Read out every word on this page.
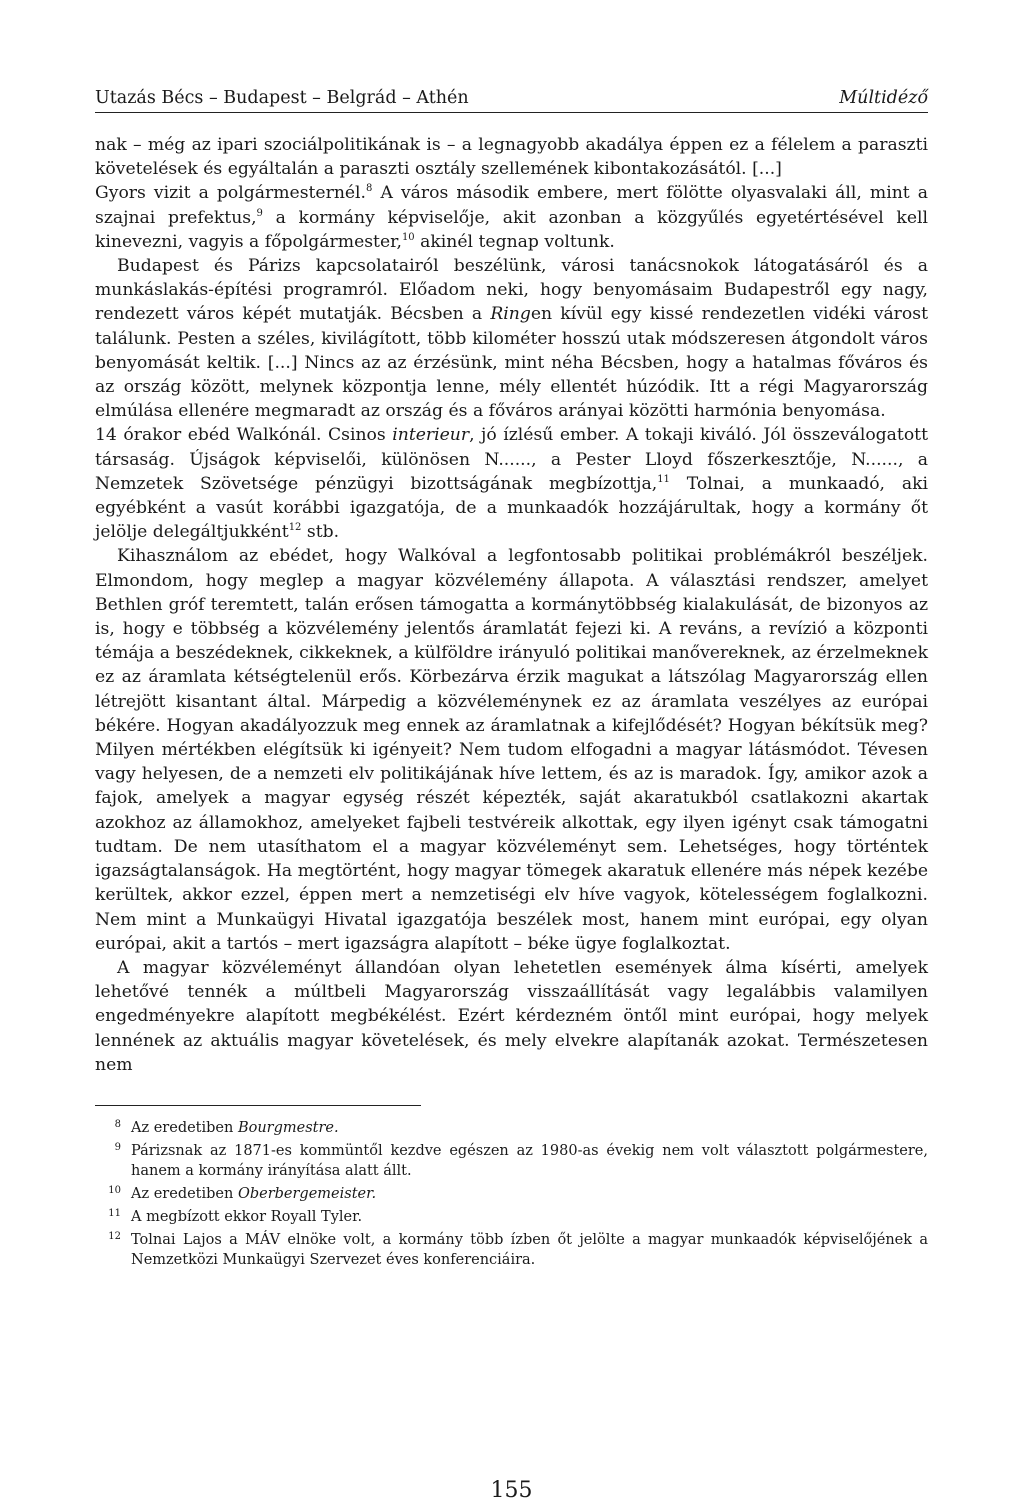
Utazás Bécs – Budapest – Belgrád – Athén	Múltidéző

nak – még az ipari szociálpolitikának is – a legnagyobb akadálya éppen ez a félelem a paraszti követelések és egyáltalán a paraszti osztály szellemének kibontakozásától. [...]

Gyors vizit a polgármesternél.$^8$ A város második embere, mert fölötte olyasvalaki áll, mint a szajnai prefektus,$^9$ a kormány képviselője, akit azonban a közgyűlés egyetértésével kell kinevezni, vagyis a főpolgármester,$^{10}$ akinél tegnap voltunk.

Budapest és Párizs kapcsolatairól beszélünk, városi tanácsnokok látogatásáról és a munkáslakás-építési programról. Előadom neki, hogy benyomásaim Budapestről egy nagy, rendezett város képét mutatják. Bécsben a Ringen kívül egy kissé rendezetlen vidéki várost találunk. Pesten a széles, kivilágított, több kilométer hosszú utak módszeresen átgondolt város benyomását keltik. [...] Nincs az az érzésünk, mint néha Bécsben, hogy a hatalmas főváros és az ország között, melynek központja lenne, mély ellentét húzódik. Itt a régi Magyarország elmúlása ellenére megmaradt az ország és a főváros arányai közötti harmónia benyomása.

14 órakor ebéd Walkónál. Csinos interieur, jó ízlésű ember. A tokaji kiváló. Jól összeválogatott társaság. Újságok képviselői, különösen N......, a Pester Lloyd főszerkesztője, N......, a Nemzetek Szövetsége pénzügyi bizottságának megbízottja,$^{11}$ Tolnai, a munkaadó, aki egyébként a vasút korábbi igazgatója, de a munkaadók hozzájárultak, hogy a kormány őt jelölje delegáltjukként$^{12}$ stb.

Kihasználom az ebédet, hogy Walkóval a legfontosabb politikai problémákról beszéljek. Elmondom, hogy meglep a magyar közvélemény állapota. A választási rendszer, amelyet Bethlen gróf teremtett, talán erősen támogatta a kormánytöbbség kialakulását, de bizonyos az is, hogy e többség a közvélemény jelentős áramlatát fejezi ki. A reváns, a revízió a központi témája a beszédeknek, cikkeknek, a külföldre irányuló politikai manővereknek, az érzelmeknek ez az áramlata kétségtelenül erős. Körbezárva érzik magukat a látszólag Magyarország ellen létrejött kisantant által. Márpedig a közvéleménynek ez az áramlata veszélyes az európai békére. Hogyan akadályozzuk meg ennek az áramlatnak a kifejlődését? Hogyan békítsük meg? Milyen mértékben elégítsük ki igényeit? Nem tudom elfogadni a magyar látásmódot. Tévesen vagy helyesen, de a nemzeti elv politikájának híve lettem, és az is maradok. Így, amikor azok a fajok, amelyek a magyar egység részét képezték, saját akaratukból csatlakozni akartak azokhoz az államokhoz, amelyeket fajbeli testvéreik alkottak, egy ilyen igényt csak támogatni tudtam. De nem utasíthatom el a magyar közvéleményt sem. Lehetséges, hogy történtek igazságtalanságok. Ha megtörtént, hogy magyar tömegek akaratuk ellenére más népek kezébe kerültek, akkor ezzel, éppen mert a nemzetiségi elv híve vagyok, kötelességem foglalkozni. Nem mint a Munkaügyi Hivatal igazgatója beszélek most, hanem mint európai, egy olyan európai, akit a tartós – mert igazságra alapított – béke ügye foglalkoztat.

A magyar közvéleményt állandóan olyan lehetetlen események álma kísérti, amelyek lehetővé tennék a múltbeli Magyarország visszaállítását vagy legalábbis valamilyen engedményekre alapított megbékélést. Ezért kérdezném öntől mint európai, hogy melyek lennének az aktuális magyar követelések, és mely elvekre alapítanák azokat. Természetesen nem

8 Az eredetiben Bourgmestre.
9 Párizsnak az 1871-es kommüntől kezdve egészen az 1980-as évekig nem volt választott polgármestere, hanem a kormány irányítása alatt állt.
10 Az eredetiben Oberbergemeister.
11 A megbízott ekkor Royall Tyler.
12 Tolnai Lajos a MÁV elnöke volt, a kormány több ízben őt jelölte a magyar munkaadók képviselőjének a Nemzetközi Munkaügyi Szervezet éves konferenciáira.
155
